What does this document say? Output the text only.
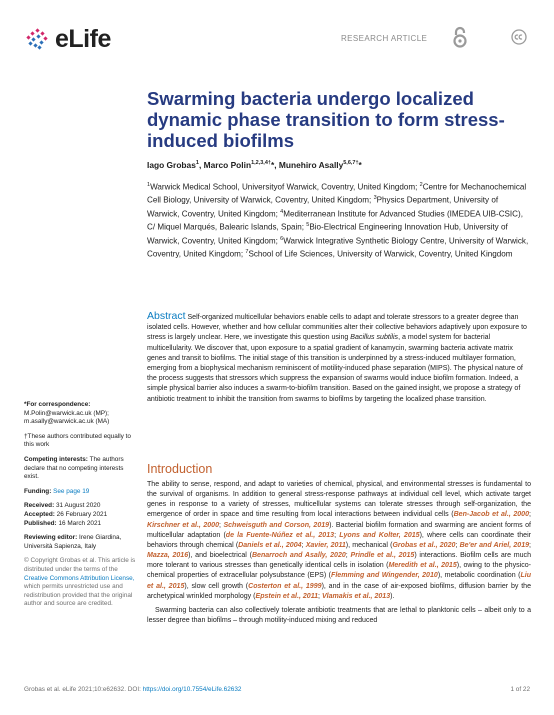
eLife	RESEARCH ARTICLE
Swarming bacteria undergo localized dynamic phase transition to form stress-induced biofilms
Iago Grobas$^1$, Marco Polin$^{1,2,3,4\dagger}$*, Munehiro Asally$^{5,6,7\dagger}$*
$^1$Warwick Medical School, Universityof Warwick, Coventry, United Kingdom; $^2$Centre for Mechanochemical Cell Biology, University of Warwick, Coventry, United Kingdom; $^3$Physics Department, University of Warwick, Coventry, United Kingdom; $^4$Mediterranean Institute for Advanced Studies (IMEDEA UIB-CSIC), C/ Miquel Marqués, Balearic Islands, Spain; $^5$Bio-Electrical Engineering Innovation Hub, University of Warwick, Coventry, United Kingdom; $^6$Warwick Integrative Synthetic Biology Centre, University of Warwick, Coventry, United Kingdom; $^7$School of Life Sciences, University of Warwick, Coventry, United Kingdom
Abstract Self-organized multicellular behaviors enable cells to adapt and tolerate stressors to a greater degree than isolated cells. However, whether and how cellular communities alter their collective behaviors adaptively upon exposure to stress is largely unclear. Here, we investigate this question using Bacillus subtilis, a model system for bacterial multicellularity. We discover that, upon exposure to a spatial gradient of kanamycin, swarming bacteria activate matrix genes and transit to biofilms. The initial stage of this transition is underpinned by a stress-induced multilayer formation, emerging from a biophysical mechanism reminiscent of motility-induced phase separation (MIPS). The physical nature of the process suggests that stressors which suppress the expansion of swarms would induce biofilm formation. Indeed, a simple physical barrier also induces a swarm-to-biofilm transition. Based on the gained insight, we propose a strategy of antibiotic treatment to inhibit the transition from swarms to biofilms by targeting the localized phase transition.
*For correspondence:
M.Polin@warwick.ac.uk (MP);
m.asally@warwick.ac.uk (MA)
†These authors contributed equally to this work
Competing interests: The authors declare that no competing interests exist.
Funding: See page 19
Received: 31 August 2020
Accepted: 26 February 2021
Published: 16 March 2021
Reviewing editor: Irene Giardina, Università Sapienza, Italy
© Copyright Grobas et al. This article is distributed under the terms of the Creative Commons Attribution License, which permits unrestricted use and redistribution provided that the original author and source are credited.
Introduction

The ability to sense, respond, and adapt to varieties of chemical, physical, and environmental stresses is fundamental to the survival of organisms. In addition to general stress-response pathways at individual cell level, which activate target genes in response to a variety of stresses, multicellular systems can tolerate stresses through self-organization, the emergence of order in space and time resulting from local interactions between individual cells (Ben-Jacob et al., 2000; Kirschner et al., 2000; Schweisguth and Corson, 2019). Bacterial biofilm formation and swarming are ancient forms of multicellular adaptation (de la Fuente-Núñez et al., 2013; Lyons and Kolter, 2015), where cells can coordinate their behaviors through chemical (Daniels et al., 2004; Xavier, 2011), mechanical (Grobas et al., 2020; Be'er and Ariel, 2019; Mazza, 2016), and bioelectrical (Benarroch and Asally, 2020; Prindle et al., 2015) interactions. Biofilm cells are much more tolerant to various stresses than genetically identical cells in isolation (Meredith et al., 2015), owing to the physico-chemical properties of extracellular polysubstance (EPS) (Flemming and Wingender, 2010), metabolic coordination (Liu et al., 2015), slow cell growth (Costerton et al., 1999), and in the case of air-exposed biofilms, diffusion barrier by the archetypical wrinkled morphology (Epstein et al., 2011; Vlamakis et al., 2013).

Swarming bacteria can also collectively tolerate antibiotic treatments that are lethal to planktonic cells – albeit only to a lesser degree than biofilms – through motility-induced mixing and reduced

Grobas et al. eLife 2021;10:e62632. DOI: https://doi.org/10.7554/eLife.62632	1 of 22
